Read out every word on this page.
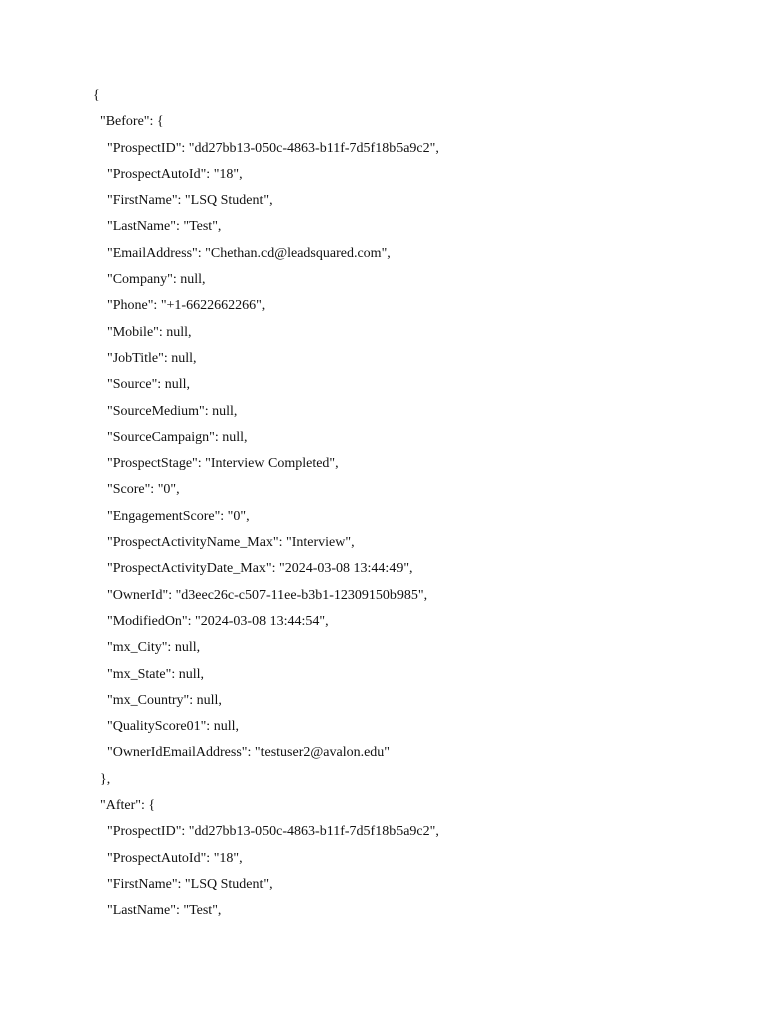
{
"Before": {
"ProspectID": "dd27bb13-050c-4863-b11f-7d5f18b5a9c2",
"ProspectAutoId": "18",
"FirstName": "LSQ Student",
"LastName": "Test",
"EmailAddress": "Chethan.cd@leadsquared.com",
"Company": null,
"Phone": "+1-6622662266",
"Mobile": null,
"JobTitle": null,
"Source": null,
"SourceMedium": null,
"SourceCampaign": null,
"ProspectStage": "Interview Completed",
"Score": "0",
"EngagementScore": "0",
"ProspectActivityName_Max": "Interview",
"ProspectActivityDate_Max": "2024-03-08 13:44:49",
"OwnerId": "d3eec26c-c507-11ee-b3b1-12309150b985",
"ModifiedOn": "2024-03-08 13:44:54",
"mx_City": null,
"mx_State": null,
"mx_Country": null,
"QualityScore01": null,
"OwnerIdEmailAddress": "testuser2@avalon.edu"
},
"After": {
"ProspectID": "dd27bb13-050c-4863-b11f-7d5f18b5a9c2",
"ProspectAutoId": "18",
"FirstName": "LSQ Student",
"LastName": "Test",
